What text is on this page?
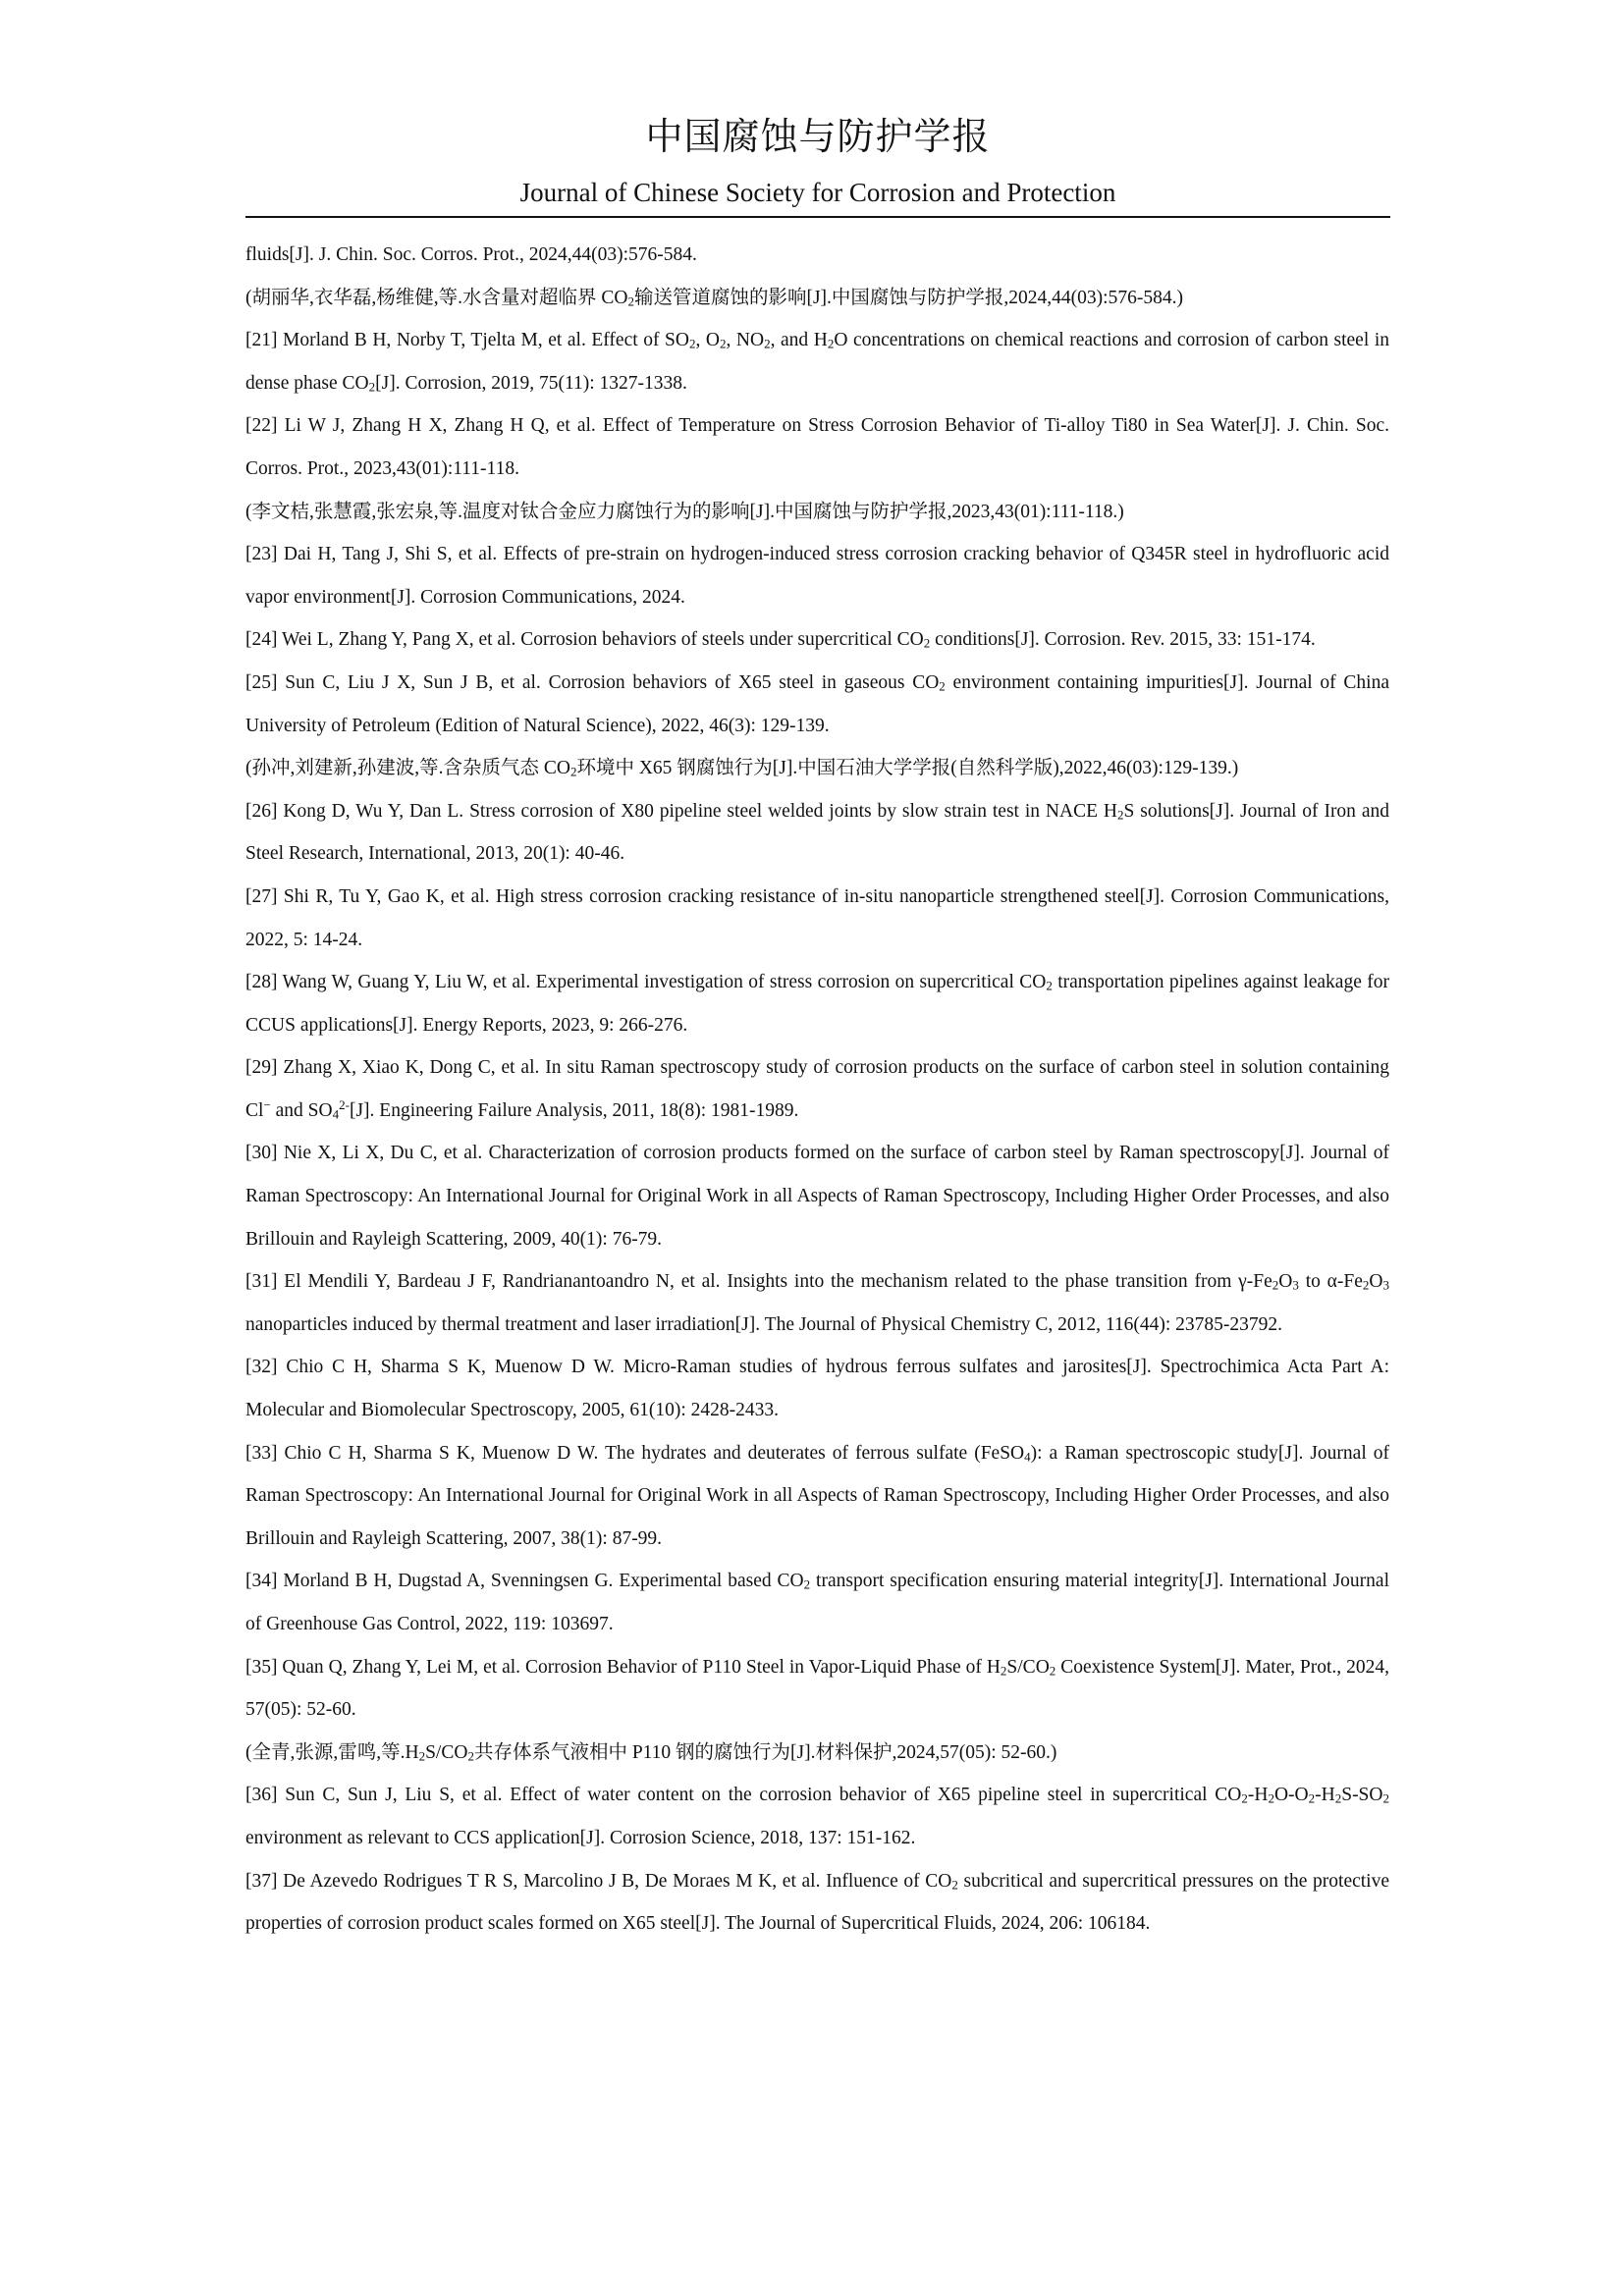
中国腐蚀与防护学报
Journal of Chinese Society for Corrosion and Protection

fluids[J]. J. Chin. Soc. Corros. Prot., 2024,44(03):576-584.

(胡丽华,衣华磊,杨维健,等.水含量对超临界 $CO_2$输送管道腐蚀的影响[J].中国腐蚀与防护学报,2024,44(03):576-584.)

[21] Morland B H, Norby T, Tjelta M, et al. Effect of $SO_2$, $O_2$, $NO_2$, and $H_2O$ concentrations on chemical reactions and corrosion of carbon steel in dense phase $CO_2[J]$. Corrosion, 2019, 75(11): 1327-1338.

[22] Li W J, Zhang H X, Zhang H Q, et al. Effect of Temperature on Stress Corrosion Behavior of Ti-alloy Ti80 in Sea Water[J]. J. Chin. Soc. Corros. Prot., 2023,43(01):111-118.

(李文桔,张慧霞,张宏泉,等.温度对钛合金应力腐蚀行为的影响[J].中国腐蚀与防护学报,2023,43(01):111-118.)

[23] Dai H, Tang J, Shi S, et al. Effects of pre-strain on hydrogen-induced stress corrosion cracking behavior of Q345R steel in hydrofluoric acid vapor environment[J]. Corrosion Communications, 2024.

[24] Wei L, Zhang Y, Pang X, et al. Corrosion behaviors of steels under supercritical $CO_2$ conditions[J]. Corrosion. Rev. 2015, 33: 151-174.

[25] Sun C, Liu J X, Sun J B, et al. Corrosion behaviors of X65 steel in gaseous $CO_2$ environment containing impurities[J]. Journal of China University of Petroleum (Edition of Natural Science), 2022, 46(3): 129-139.

(孙冲,刘建新,孙建波,等.含杂质气态 $CO_2$环境中 X65 钢腐蚀行为[J].中国石油大学学报(自然科学版),2022,46(03):129-139.)

[26] Kong D, Wu Y, Dan L. Stress corrosion of X80 pipeline steel welded joints by slow strain test in NACE $H_2S$ solutions[J]. Journal of Iron and Steel Research, International, 2013, 20(1): 40-46.

[27] Shi R, Tu Y, Gao K, et al. High stress corrosion cracking resistance of in-situ nanoparticle strengthened steel[J]. Corrosion Communications, 2022, 5: 14-24.

[28] Wang W, Guang Y, Liu W, et al. Experimental investigation of stress corrosion on supercritical $CO_2$ transportation pipelines against leakage for CCUS applications[J]. Energy Reports, 2023, 9: 266-276.

[29] Zhang X, Xiao K, Dong C, et al. In situ Raman spectroscopy study of corrosion products on the surface of carbon steel in solution containing Cl− and $SO_4^{2-}[J]$. Engineering Failure Analysis, 2011, 18(8): 1981-1989.

[30] Nie X, Li X, Du C, et al. Characterization of corrosion products formed on the surface of carbon steel by Raman spectroscopy[J]. Journal of Raman Spectroscopy: An International Journal for Original Work in all Aspects of Raman Spectroscopy, Including Higher Order Processes, and also Brillouin and Rayleigh Scattering, 2009, 40(1): 76-79.

[31] El Mendili Y, Bardeau J F, Randrianantoandro N, et al. Insights into the mechanism related to the phase transition from $\gamma-Fe_2O_3$ to $\alpha-Fe_2O_3$ nanoparticles induced by thermal treatment and laser irradiation[J]. The Journal of Physical Chemistry C, 2012, 116(44): 23785-23792.

[32] Chio C H, Sharma S K, Muenow D W. Micro-Raman studies of hydrous ferrous sulfates and jarosites[J]. Spectrochimica Acta Part A: Molecular and Biomolecular Spectroscopy, 2005, 61(10): 2428-2433.

[33] Chio C H, Sharma S K, Muenow D W. The hydrates and deuterates of ferrous sulfate (FeSO$_4$): a Raman spectroscopic study[J]. Journal of Raman Spectroscopy: An International Journal for Original Work in all Aspects of Raman Spectroscopy, Including Higher Order Processes, and also Brillouin and Rayleigh Scattering, 2007, 38(1): 87-99.

[34] Morland B H, Dugstad A, Svenningsen G. Experimental based $CO_2$ transport specification ensuring material integrity[J]. International Journal of Greenhouse Gas Control, 2022, 119: 103697.

[35] Quan Q, Zhang Y, Lei M, et al. Corrosion Behavior of P110 Steel in Vapor-Liquid Phase of $H_2S/CO_2$ Coexistence System[J]. Mater, Prot., 2024, 57(05): 52-60.

(全青,张源,雷鸣,等$.H_2S/CO_2$共存体系气液相中 P110 钢的腐蚀行为[J].材料保护,2024,57(05): 52-60.)

[36] Sun C, Sun J, Liu S, et al. Effect of water content on the corrosion behavior of X65 pipeline steel in supercritical $CO_2-H_2O-O_2-H_2S-SO_2$ environment as relevant to CCS application[J]. Corrosion Science, 2018, 137: 151-162.

[37] De Azevedo Rodrigues T R S, Marcolino J B, De Moraes M K, et al. Influence of $CO_2$ subcritical and supercritical pressures on the protective properties of corrosion product scales formed on X65 steel[J]. The Journal of Supercritical Fluids, 2024, 206: 106184.
